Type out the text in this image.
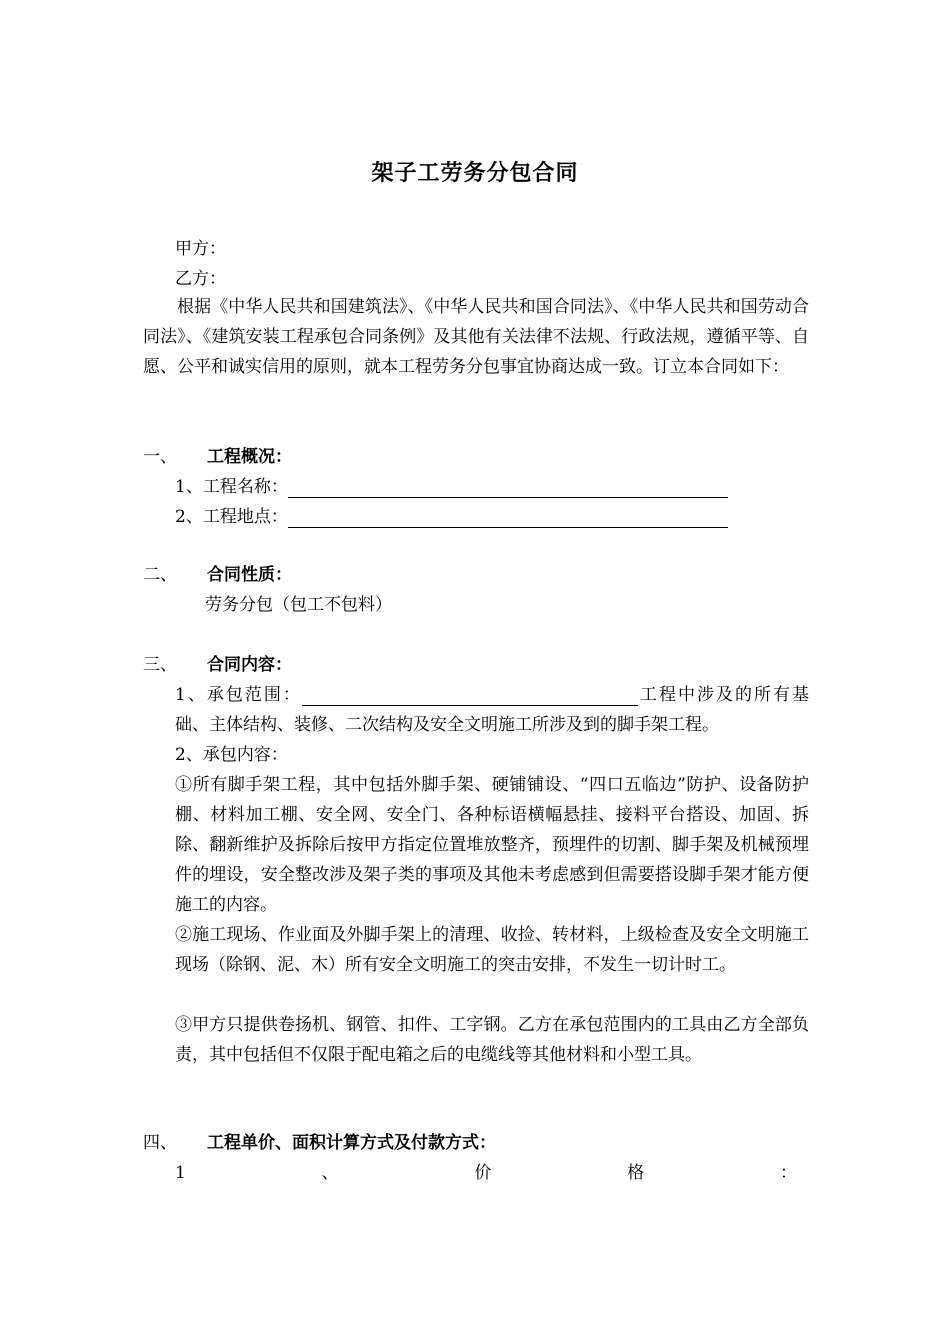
架子工劳务分包合同
甲方：
乙方：
根据《中华人民共和国建筑法》、《中华人民共和国合同法》、《中华人民共和国劳动合同法》、《建筑安装工程承包合同条例》及其他有关法律不法规、行政法规，遵循平等、自愿、公平和诚实信用的原则，就本工程劳务分包事宜协商达成一致。订立本合同如下：
一、 工程概况：
1、工程名称：
2、工程地点：
二、 合同性质：
劳务分包（包工不包料）
三、 合同内容：
1、承包范围：	工程中涉及的所有基础、主体结构、装修、二次结构及安全文明施工所涉及到的脚手架工程。
2、承包内容：
①所有脚手架工程，其中包括外脚手架、硬铺铺设、“四口五临边”防护、设备防护棚、材料加工棚、安全网、安全门、各种标语横幅悬挂、接料平台搭设、加固、拆除、翻新维护及拆除后按甲方指定位置堆放整齐，预埋件的切割、脚手架及机械预埋件的埋设，安全整改涉及架子类的事项及其他未考虑感到但需要搭设脚手架才能方便施工的内容。
②施工现场、作业面及外脚手架上的清理、收捡、转材料，上级检查及安全文明施工现场（除钢、泥、木）所有安全文明施工的突击安排，不发生一切计时工。
③甲方只提供卷扬机、钢管、扣件、工字钢。乙方在承包范围内的工具由乙方全部负责，其中包括但不仅限于配电箱之后的电缆线等其他材料和小型工具。
四、 工程单价、面积计算方式及付款方式：
1	、	价	格	：
